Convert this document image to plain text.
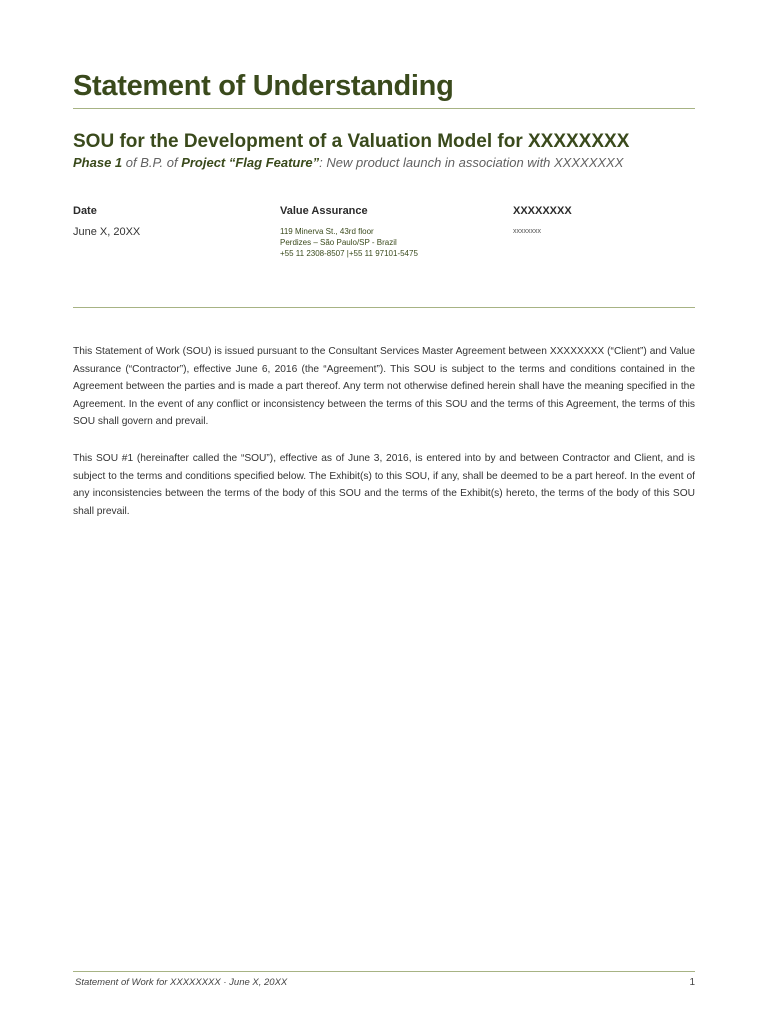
Statement of Understanding
SOU for the Development of a Valuation Model for XXXXXXXX
Phase 1 of B.P. of Project “Flag Feature”: New product launch in association with XXXXXXXX
Date
June X, 20XX
Value Assurance
119 Minerva St., 43rd floor
Perdizes – São Paulo/SP - Brazil
+55 11 2308-8507 |+55 11 97101-5475
XXXXXXXX
xxxxxxxx
This Statement of Work (SOU) is issued pursuant to the Consultant Services Master Agreement between XXXXXXXX (“Client”) and Value Assurance (“Contractor”), effective June 6, 2016 (the “Agreement”). This SOU is subject to the terms and conditions contained in the Agreement between the parties and is made a part thereof. Any term not otherwise defined herein shall have the meaning specified in the Agreement. In the event of any conflict or inconsistency between the terms of this SOU and the terms of this Agreement, the terms of this SOU shall govern and prevail.
This SOU #1 (hereinafter called the “SOU”), effective as of June 3, 2016, is entered into by and between Contractor and Client, and is subject to the terms and conditions specified below. The Exhibit(s) to this SOU, if any, shall be deemed to be a part hereof. In the event of any inconsistencies between the terms of the body of this SOU and the terms of the Exhibit(s) hereto, the terms of the body of this SOU shall prevail.
Statement of Work for XXXXXXXX · June X, 20XX	1
